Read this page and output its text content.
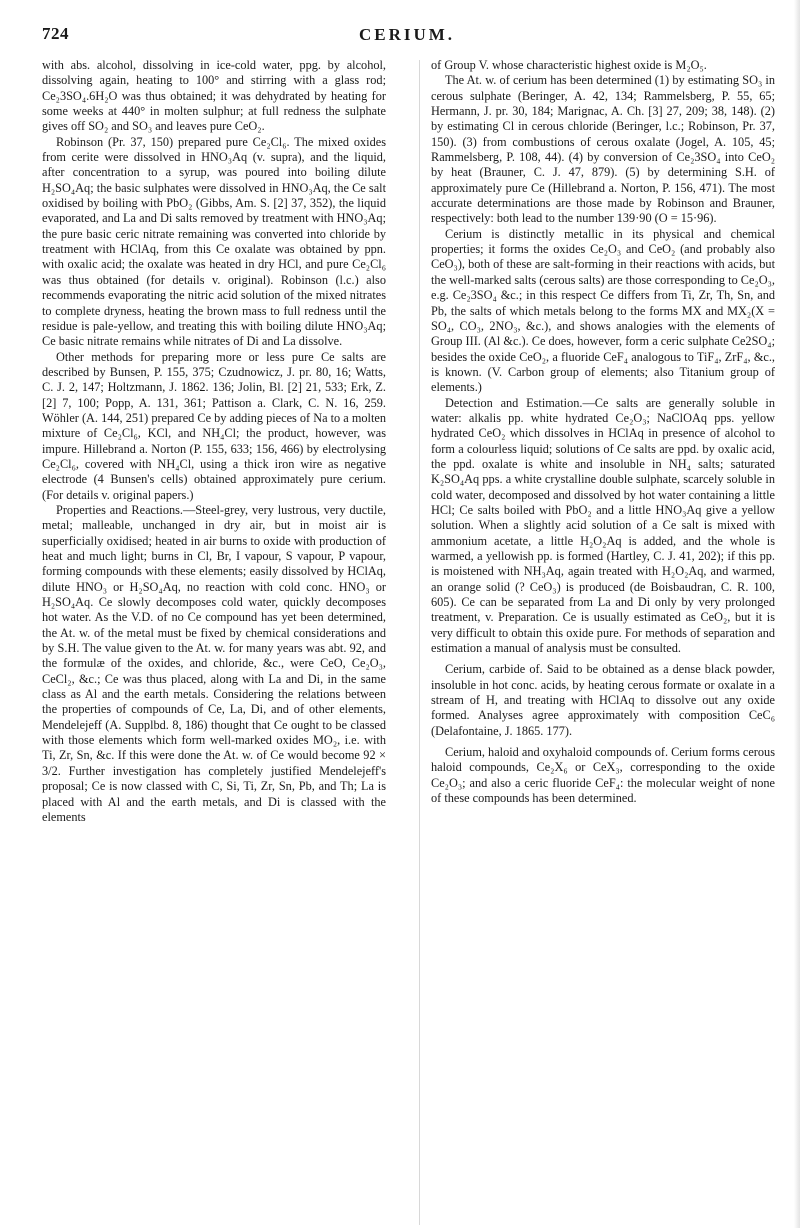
724	CERIUM.

with abs. alcohol, dissolving in ice-cold water, ppg. by alcohol, dissolving again, heating to 100° and stirring with a glass rod; Ce₂3SO₄.6H₂O was thus obtained; it was dehydrated by heating for some weeks at 440° in molten sulphur; at full redness the sulphate gives off SO₂ and SO₃ and leaves pure CeO₂.

Robinson (Pr. 37, 150) prepared pure Ce₂Cl₆. The mixed oxides from cerite were dissolved in HNO₃Aq (v. supra), and the liquid, after concentration to a syrup, was poured into boiling dilute H₂SO₄Aq; the basic sulphates were dissolved in HNO₃Aq, the Ce salt oxidised by boiling with PbO₂ (Gibbs, Am. S. [2] 37, 352), the liquid evaporated, and La and Di salts removed by treatment with HNO₃Aq; the pure basic ceric nitrate remaining was converted into chloride by treatment with HClAq, from this Ce oxalate was obtained by ppn. with oxalic acid; the oxalate was heated in dry HCl, and pure Ce₂Cl₆ was thus obtained (for details v. original). Robinson (l.c.) also recommends evaporating the nitric acid solution of the mixed nitrates to complete dryness, heating the brown mass to full redness until the residue is pale-yellow, and treating this with boiling dilute HNO₃Aq; Ce basic nitrate remains while nitrates of Di and La dissolve.

Other methods for preparing more or less pure Ce salts are described by Bunsen, P. 155, 375; Czudnowicz, J. pr. 80, 16; Watts, C. J. 2, 147; Holtzmann, J. 1862. 136; Jolin, Bl. [2] 21, 533; Erk, Z. [2] 7, 100; Popp, A. 131, 361; Pattison a. Clark, C. N. 16, 259. Wöhler (A. 144, 251) prepared Ce by adding pieces of Na to a molten mixture of Ce₂Cl₆, KCl, and NH₄Cl; the product, however, was impure. Hillebrand a. Norton (P. 155, 633; 156, 466) by electrolysing Ce₂Cl₆, covered with NH₄Cl, using a thick iron wire as negative electrode (4 Bunsen's cells) obtained approximately pure cerium. (For details v. original papers.)

Properties and Reactions.—Steel-grey, very lustrous, very ductile, metal; malleable, unchanged in dry air, but in moist air is superficially oxidised; heated in air burns to oxide with production of heat and much light; burns in Cl, Br, I vapour, S vapour, P vapour, forming compounds with these elements; easily dissolved by HClAq, dilute HNO₃ or H₂SO₄Aq, no reaction with cold conc. HNO₃ or H₂SO₄Aq. Ce slowly decomposes cold water, quickly decomposes hot water. As the V.D. of no Ce compound has yet been determined, the At. w. of the metal must be fixed by chemical considerations and by S.H. The value given to the At. w. for many years was abt. 92, and the formulæ of the oxides, and chloride, &c., were CeO, Ce₂O₃, CeCl₂, &c.; Ce was thus placed, along with La and Di, in the same class as Al and the earth metals. Considering the relations between the properties of compounds of Ce, La, Di, and of other elements, Mendelejeff (A. Supplbd. 8, 186) thought that Ce ought to be classed with those elements which form well-marked oxides MO₂, i.e. with Ti, Zr, Sn, &c. If this were done the At. w. of Ce would become 92 × 3/2. Further investigation has completely justified Mendelejeff's proposal; Ce is now classed with C, Si, Ti, Zr, Sn, Pb, and Th; La is placed with Al and the earth metals, and Di is classed with the elements

of Group V. whose characteristic highest oxide is M₂O₅.

The At. w. of cerium has been determined (1) by estimating SO₃ in cerous sulphate (Beringer, A. 42, 134; Rammelsberg, P. 55, 65; Hermann, J. pr. 30, 184; Marignac, A. Ch. [3] 27, 209; 38, 148). (2) by estimating Cl in cerous chloride (Beringer, l.c.; Robinson, Pr. 37, 150). (3) from combustions of cerous oxalate (Jogel, A. 105, 45; Rammelsberg, P. 108, 44). (4) by conversion of Ce₂3SO₄ into CeO₂ by heat (Brauner, C. J. 47, 879). (5) by determining S.H. of approximately pure Ce (Hillebrand a. Norton, P. 156, 471). The most accurate determinations are those made by Robinson and Brauner, respectively: both lead to the number 139·90 (O = 15·96).

Cerium is distinctly metallic in its physical and chemical properties; it forms the oxides Ce₂O₃ and CeO₂ (and probably also CeO₃), both of these are salt-forming in their reactions with acids, but the well-marked salts (cerous salts) are those corresponding to Ce₂O₃, e.g. Ce₂3SO₄ &c.; in this respect Ce differs from Ti, Zr, Th, Sn, and Pb, the salts of which metals belong to the forms MX and MX₂(X = SO₄, CO₃, 2NO₃, &c.), and shows analogies with the elements of Group III. (Al &c.). Ce does, however, form a ceric sulphate Ce2SO₄; besides the oxide CeO₂, a fluoride CeF₄ analogous to TiF₄, ZrF₄, &c., is known. (V. Carbon group of elements; also Titanium group of elements.)

Detection and Estimation.—Ce salts are generally soluble in water: alkalis pp. white hydrated Ce₂O₃; NaClOAq pps. yellow hydrated CeO₂ which dissolves in HClAq in presence of alcohol to form a colourless liquid; solutions of Ce salts are ppd. by oxalic acid, the ppd. oxalate is white and insoluble in NH₄ salts; saturated K₂SO₄Aq pps. a white crystalline double sulphate, scarcely soluble in cold water, decomposed and dissolved by hot water containing a little HCl; Ce salts boiled with PbO₂ and a little HNO₃Aq give a yellow solution. When a slightly acid solution of a Ce salt is mixed with ammonium acetate, a little H₂O₂Aq is added, and the whole is warmed, a yellowish pp. is formed (Hartley, C. J. 41, 202); if this pp. is moistened with NH₃Aq, again treated with H₂O₂Aq, and warmed, an orange solid (? CeO₃) is produced (de Boisbaudran, C. R. 100, 605). Ce can be separated from La and Di only by very prolonged treatment, v. Preparation. Ce is usually estimated as CeO₂, but it is very difficult to obtain this oxide pure. For methods of separation and estimation a manual of analysis must be consulted.

Cerium, carbide of. Said to be obtained as a dense black powder, insoluble in hot conc. acids, by heating cerous formate or oxalate in a stream of H, and treating with HClAq to dissolve out any oxide formed. Analyses agree approximately with composition CeC₆ (Delafontaine, J. 1865. 177).

Cerium, haloid and oxyhaloid compounds of. Cerium forms cerous haloid compounds, Ce₂X₆ or CeX₃, corresponding to the oxide Ce₂O₃; and also a ceric fluoride CeF₄: the molecular weight of none of these compounds has been determined.
